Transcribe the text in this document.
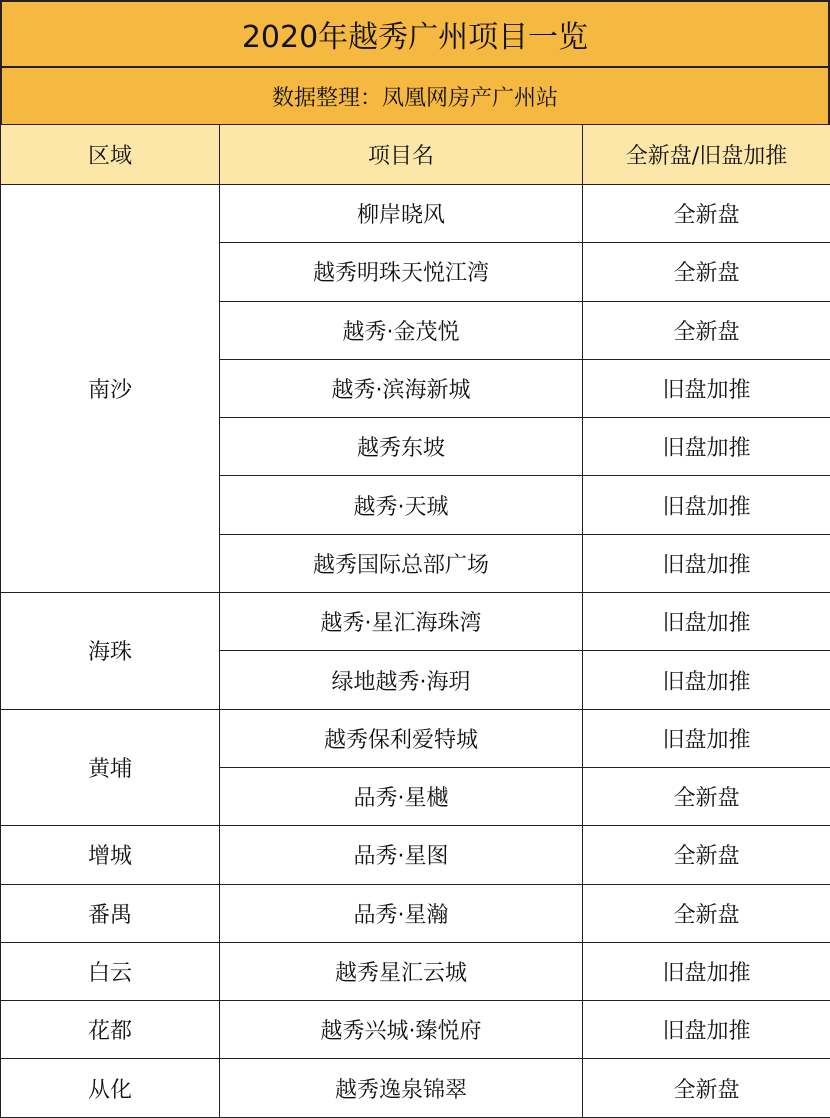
2020年越秀广州项目一览
数据整理：凤凰网房产广州站
区域	项目名	全新盘/旧盘加推
南沙	柳岸晓风	全新盘
	越秀明珠天悦江湾	全新盘
	越秀·金茂悦	全新盘
	越秀·滨海新城	旧盘加推
	越秀东坡	旧盘加推
	越秀·天珹	旧盘加推
	越秀国际总部广场	旧盘加推
海珠	越秀·星汇海珠湾	旧盘加推
	绿地越秀·海玥	旧盘加推
黄埔	越秀保利爱特城	旧盘加推
	品秀·星樾	全新盘
增城	品秀·星图	全新盘
番禺	品秀·星瀚	全新盘
白云	越秀星汇云城	旧盘加推
花都	越秀兴城·臻悦府	旧盘加推
从化	越秀逸泉锦翠	全新盘
